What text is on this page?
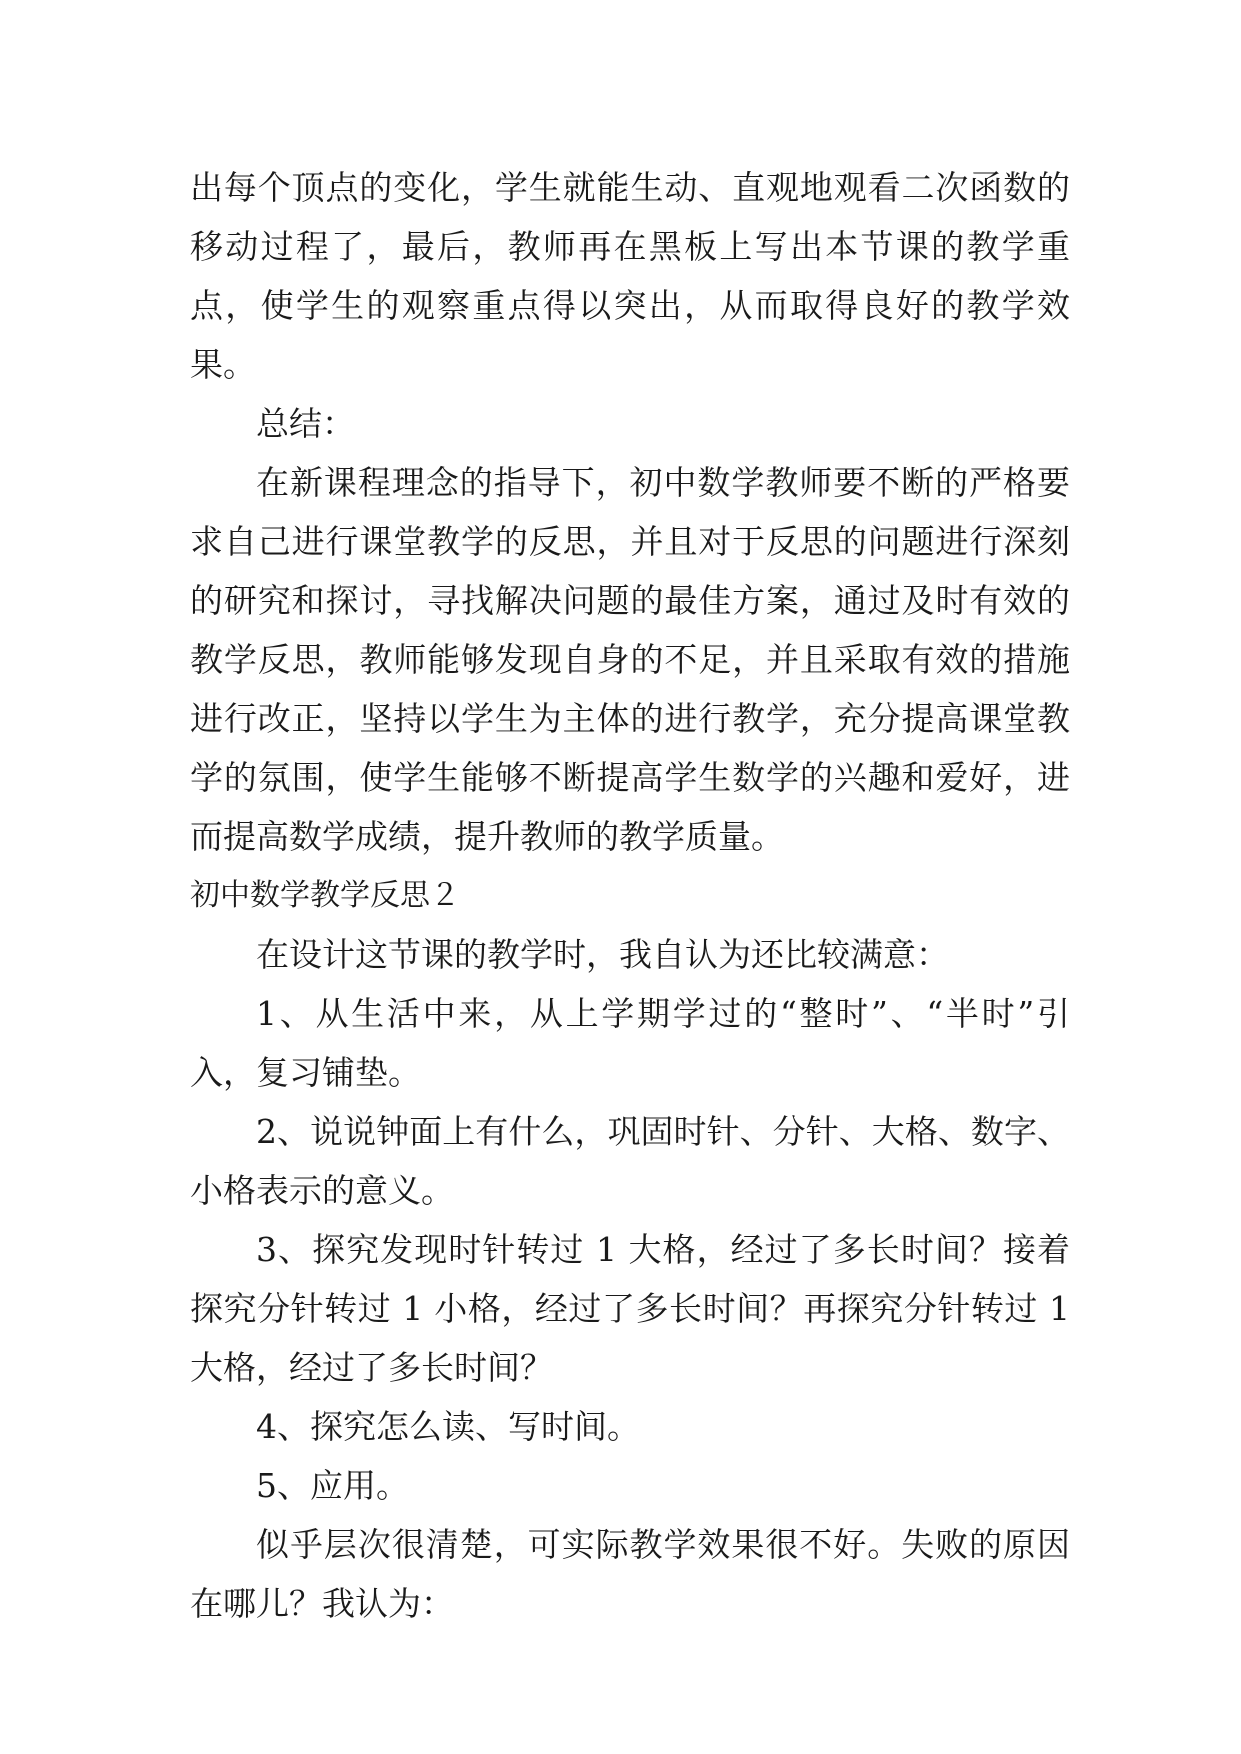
出每个顶点的变化，学生就能生动、直观地观看二次函数的移动过程了，最后，教师再在黑板上写出本节课的教学重点，使学生的观察重点得以突出，从而取得良好的教学效果。

总结：

在新课程理念的指导下，初中数学教师要不断的严格要求自己进行课堂教学的反思，并且对于反思的问题进行深刻的研究和探讨，寻找解决问题的最佳方案，通过及时有效的教学反思，教师能够发现自身的不足，并且采取有效的措施进行改正，坚持以学生为主体的进行教学，充分提高课堂教学的氛围，使学生能够不断提高学生数学的兴趣和爱好，进而提高数学成绩，提升教师的教学质量。

初中数学教学反思２

在设计这节课的教学时，我自认为还比较满意：

1、从生活中来，从上学期学过的“整时”、“半时”引入，复习铺垫。

2、说说钟面上有什么，巩固时针、分针、大格、数字、小格表示的意义。

3、探究发现时针转过 1 大格，经过了多长时间？接着探究分针转过 1 小格，经过了多长时间？再探究分针转过 1 大格，经过了多长时间？

4、探究怎么读、写时间。

5、应用。

似乎层次很清楚，可实际教学效果很不好。失败的原因在哪儿？我认为：
